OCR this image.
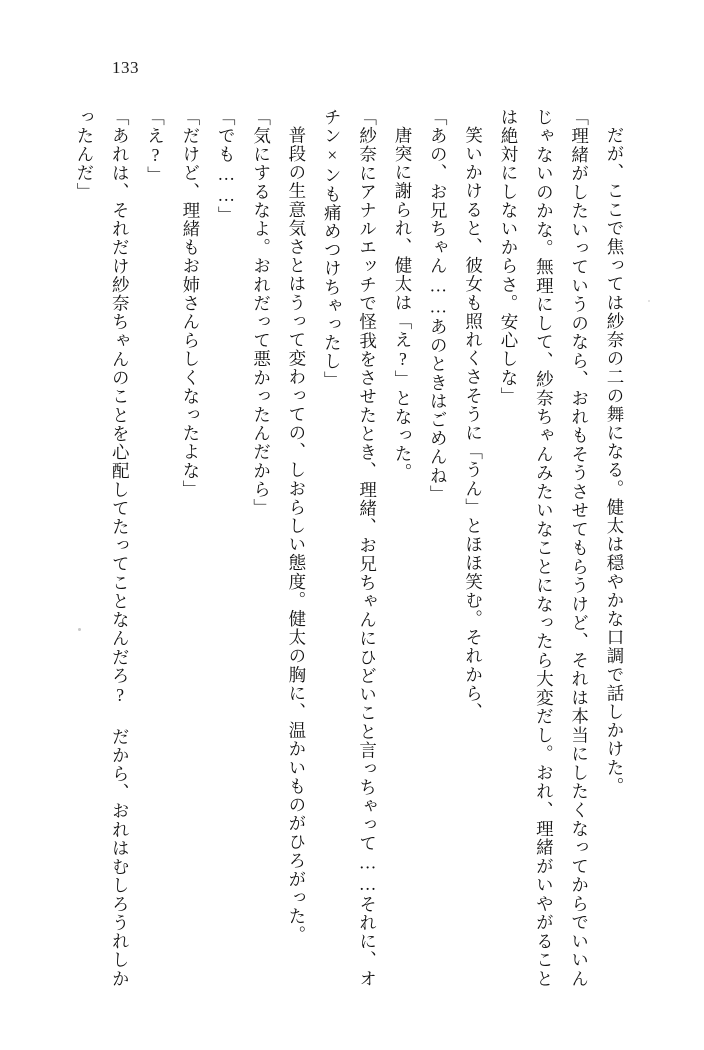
133
だが、ここで焦っては紗奈の二の舞になる。健太は穏やかな口調で話しかけた。
「理緒がしたいっていうのなら、おれもそうさせてもらうけど、それは本当にしたくなってからでいいんじゃないのかな。無理にして、紗奈ちゃんみたいなことになったら大変だし。おれ、理緒がいやがることは絶対にしないからさ。安心しな」
笑いかけると、彼女も照れくさそうに「うん」とほほ笑む。それから、
「あの、お兄ちゃん……あのときはごめんね」
唐突に謝られ、健太は「え?」となった。
「紗奈にアナルエッチで怪我をさせたとき、理緒、お兄ちゃんにひどいこと言っちゃって……それに、オチン×ンも痛めつけちゃったし」
普段の生意気さとはうって変わっての、しおらしい態度。健太の胸に、温かいものがひろがった。
「気にするなよ。おれだって悪かったんだから」
「でも……」
「だけど、理緒もお姉さんらしくなったよな」
「え?」
「あれは、それだけ紗奈ちゃんのことを心配してたってことなんだろ? だから、おれはむしろうれしかったんだ」
